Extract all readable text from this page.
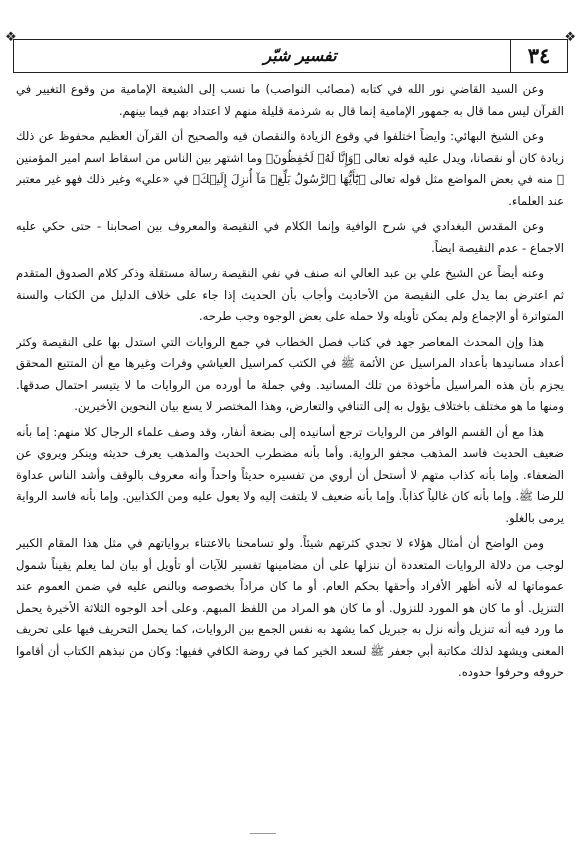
❖	❖
٣٤
تفسير شبّر

وعن السيد القاضي نور الله في كتابه (مصائب النواصب) ما نسب إلى الشيعة الإمامية من وقوع التغيير في القرآن ليس مما قال به جمهور الإمامية إنما قال به شرذمة قليلة منهم لا اعتداد بهم فيما بينهم.

وعن الشيخ البهائي: وايضاً اختلفوا في وقوع الزيادة والنقصان فيه والصحيح أن القرآن العظيم محفوظ عن ذلك زيادة كان أو نقصانا، ويدل عليه قوله تعالى ﴿وَإِنَّا لَهُۥ لَحَٰفِظُونَ﴾ وما اشتهر بين الناس من اسقاط اسم امير المؤمنين ﷺ منه في بعض المواضع مثل قوله تعالى ﴿يَٰٓأَيُّهَا ٱلرَّسُولُ بَلِّغۡ مَآ أُنزِلَ إِلَيۡكَ﴾ في «علي» وغير ذلك فهو غير معتبر عند العلماء.

وعن المقدس البغدادي في شرح الوافية وإنما الكلام في النقيصة والمعروف بين اصحابنا - حتى حكي عليه الاجماع - عدم النقيصة ايضاً.

وعنه أيضاً عن الشيخ علي بن عبد العالي انه صنف في نفي النقيصة رسالة مستقلة وذكر كلام الصدوق المتقدم ثم اعترض بما يدل على النقيصة من الأحاديث وأجاب بأن الحديث إذا جاء على خلاف الدليل من الكتاب والسنة المتواترة أو الإجماع ولم يمكن تأويله ولا حمله على بعض الوجوه وجب طرحه.

هذا وإن المحدث المعاصر جهد في كتاب فصل الخطاب في جمع الروايات التي استدل بها على النقيصة وكثر أعداد مسانيدها بأعداد المراسيل عن الأئمة ﷺ في الكتب كمراسيل العياشي وفرات وغيرها مع أن المتتبع المحقق يجزم بأن هذه المراسيل مأخوذة من تلك المسانيد. وفي جملة ما أورده من الروايات ما لا يتيسر احتمال صدقها. ومنها ما هو مختلف باختلاف يؤول به إلى التنافي والتعارض، وهذا المختصر لا يسع بيان النحوين الأخيرين.

هذا مع أن القسم الوافر من الروايات ترجع أسانيده إلى بضعة أنفار، وقد وصف علماء الرجال كلا منهم: إما بأنه ضعيف الحديث فاسد المذهب مجفو الرواية. وأما بأنه مضطرب الحديث والمذهب يعرف حديثه وينكر ويروي عن الضعفاء. وإما بأنه كذاب متهم لا أستحل أن أروي من تفسيره حديثاً واحداً وأنه معروف بالوقف وأشد الناس عداوة للرضا ﷺ. وإما بأنه كان غالياً كذاباً. وإما بأنه ضعيف لا يلتفت إليه ولا يعول عليه ومن الكذابين. وإما بأنه فاسد الرواية يرمى بالغلو.

ومن الواضح أن أمثال هؤلاء لا تجدي كثرتهم شيئاً. ولو تسامحنا بالاعتناء برواياتهم في مثل هذا المقام الكبير لوجب من دلالة الروايات المتعددة أن ننزلها على أن مضامينها تفسير للآيات أو تأويل أو بيان لما يعلم يقيناً شمول عموماتها له لأنه أظهر الأفراد وأحقها بحكم العام. أو ما كان مراداً بخصوصه وبالنص عليه في ضمن العموم عند التنزيل. أو ما كان هو المورد للنزول. أو ما كان هو المراد من اللفظ المبهم. وعلى أحد الوجوه الثلاثة الأخيرة يحمل ما ورد فيه أنه تنزيل وأنه نزل به جبريل كما يشهد به نفس الجمع بين الروايات، كما يحمل التحريف فيها على تحريف المعنى ويشهد لذلك مكاتبة أبي جعفر ﷺ لسعد الخير كما في روضة الكافي ففيها: وكان من نبذهم الكتاب أن أقاموا حروفه وحرفوا حدوده.
